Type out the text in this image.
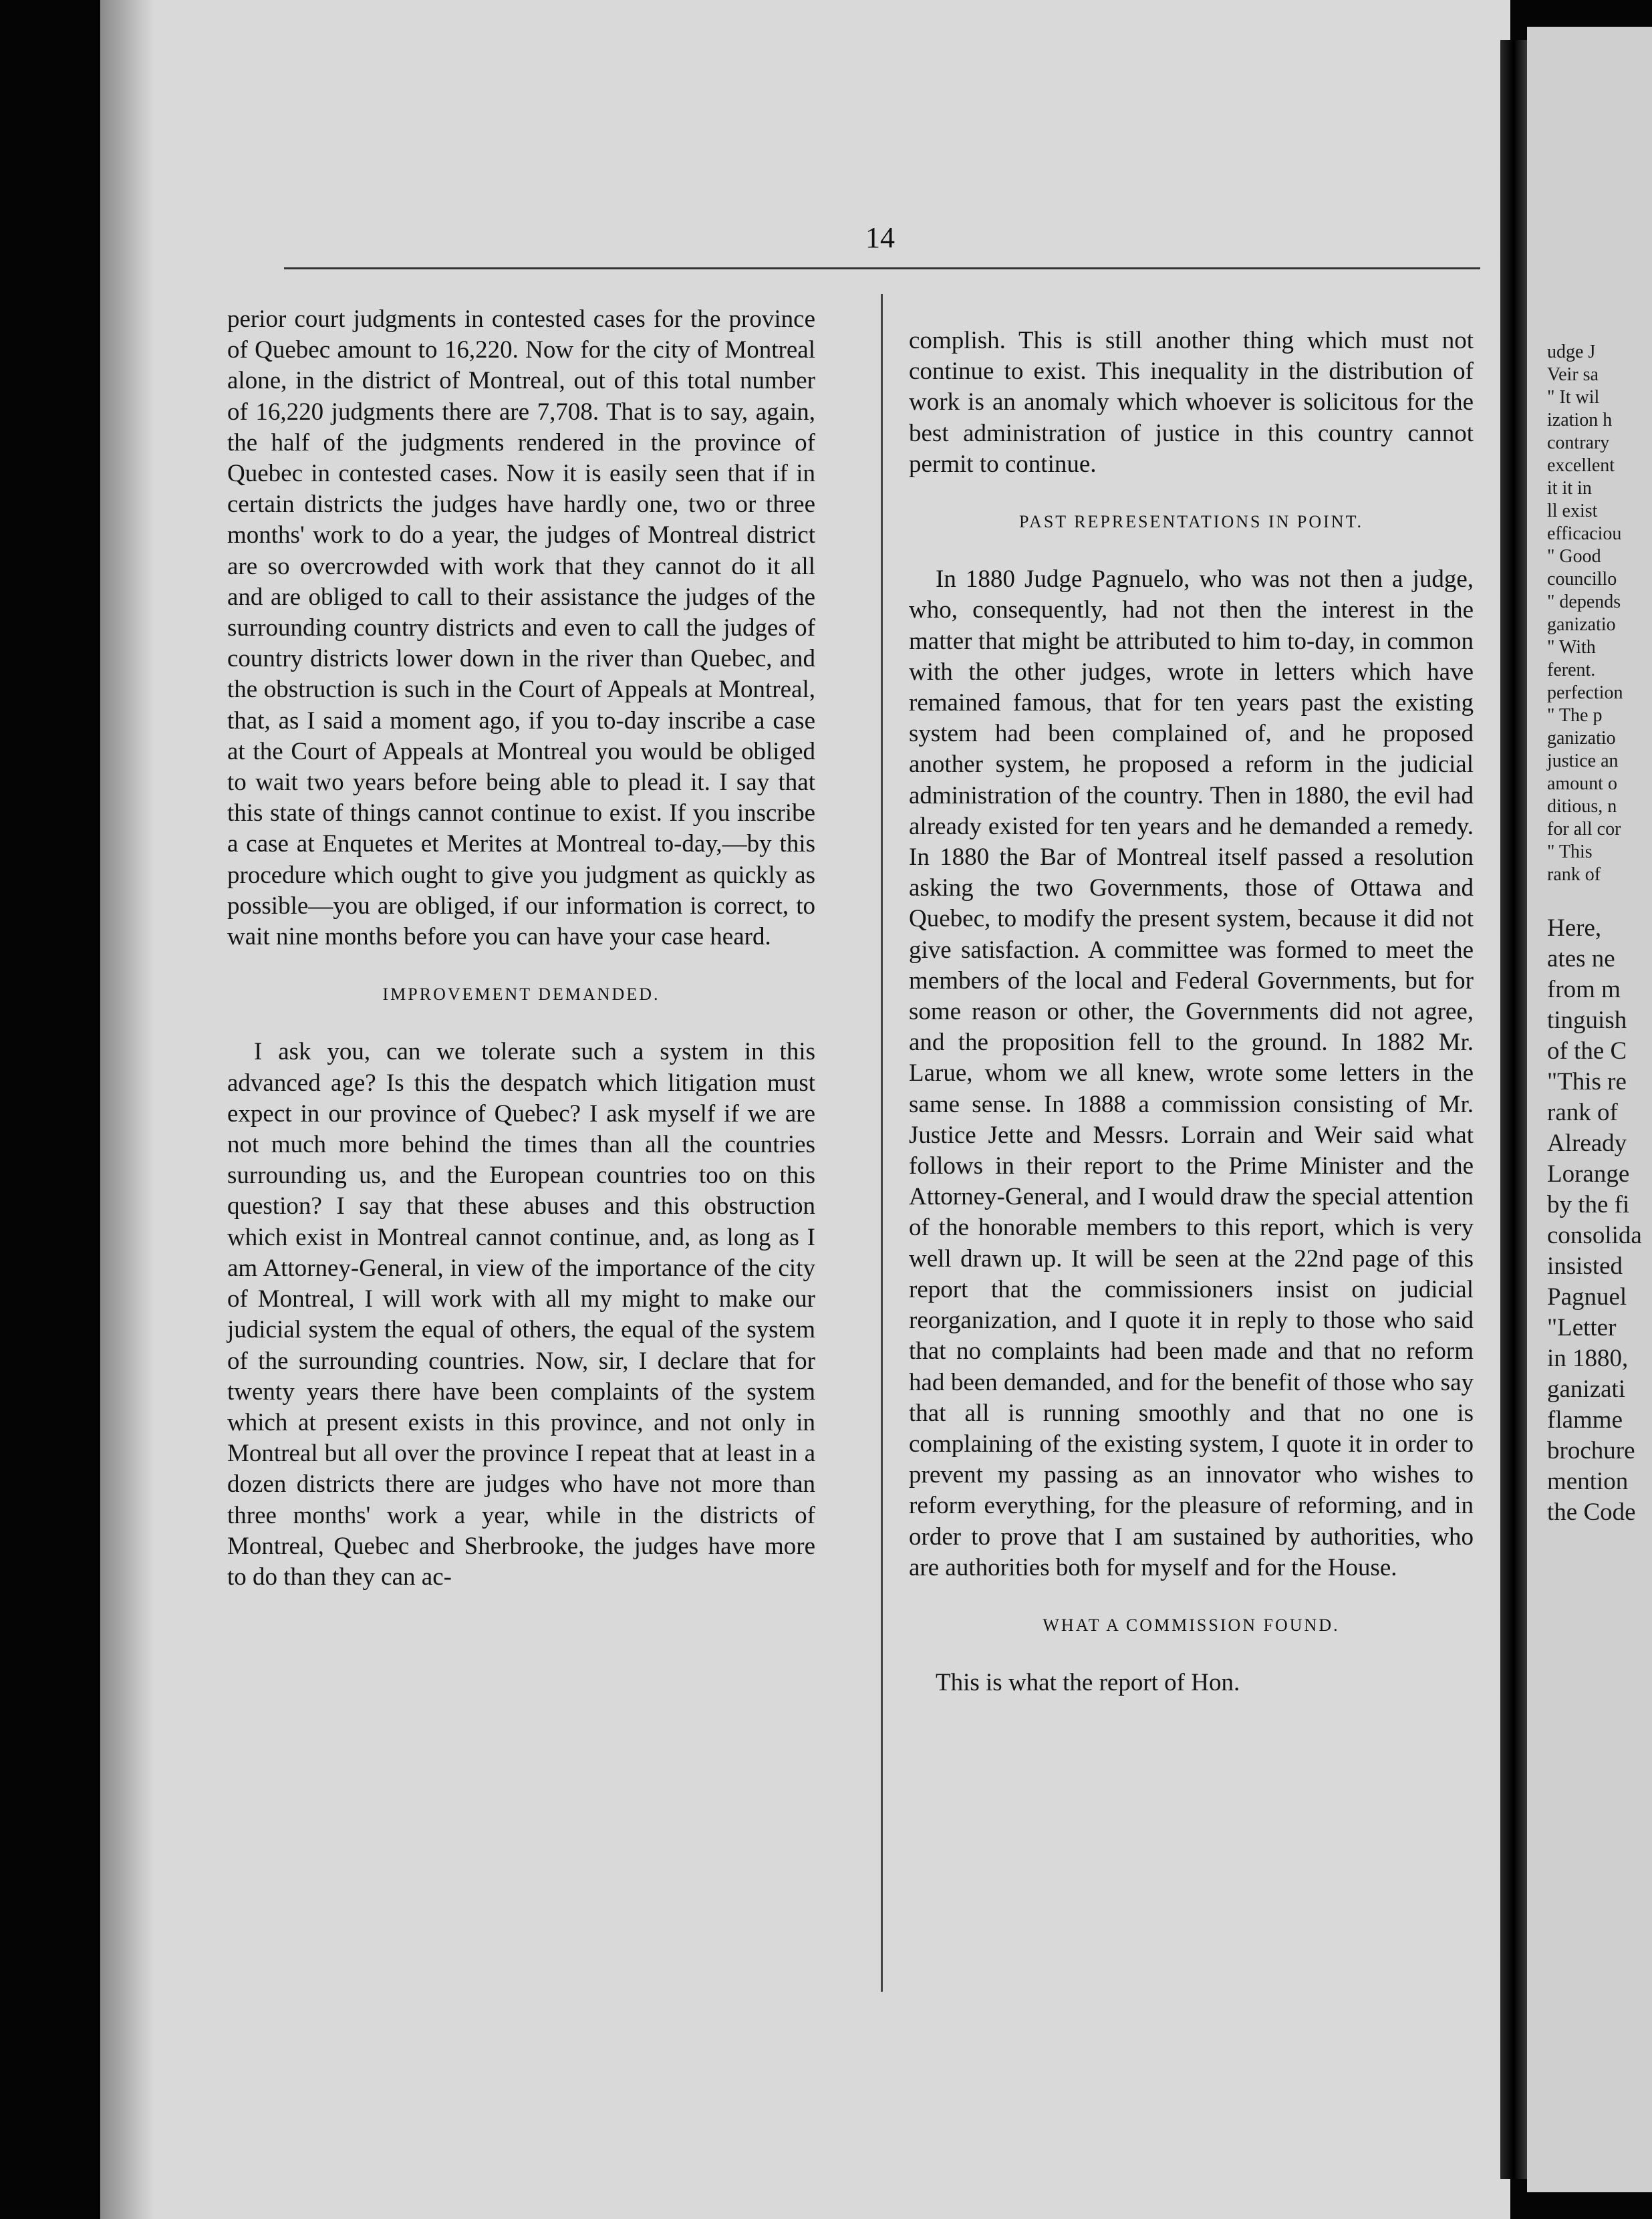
14

perior court judgments in contested cases for the province of Quebec amount to 16,220. Now for the city of Montreal alone, in the district of Montreal, out of this total number of 16,220 judgments there are 7,708. That is to say, again, the half of the judgments rendered in the province of Quebec in contested cases. Now it is easily seen that if in certain districts the judges have hardly one, two or three months' work to do a year, the judges of Montreal district are so overcrowded with work that they cannot do it all and are obliged to call to their assistance the judges of the surrounding country districts and even to call the judges of country districts lower down in the river than Quebec, and the obstruction is such in the Court of Appeals at Montreal, that, as I said a moment ago, if you to-day inscribe a case at the Court of Appeals at Montreal you would be obliged to wait two years before being able to plead it. I say that this state of things cannot continue to exist. If you inscribe a case at Enquetes et Merites at Montreal to-day,—by this procedure which ought to give you judgment as quickly as possible—you are obliged, if our information is correct, to wait nine months before you can have your case heard.

IMPROVEMENT DEMANDED.

I ask you, can we tolerate such a system in this advanced age? Is this the despatch which litigation must expect in our province of Quebec? I ask myself if we are not much more behind the times than all the countries surrounding us, and the European countries too on this question? I say that these abuses and this obstruction which exist in Montreal cannot continue, and, as long as I am Attorney-General, in view of the importance of the city of Montreal, I will work with all my might to make our judicial system the equal of others, the equal of the system of the surrounding countries. Now, sir, I declare that for twenty years there have been complaints of the system which at present exists in this province, and not only in Montreal but all over the province I repeat that at least in a dozen districts there are judges who have not more than three months' work a year, while in the districts of Montreal, Quebec and Sherbrooke, the judges have more to do than they can ac-

complish. This is still another thing which must not continue to exist. This inequality in the distribution of work is an anomaly which whoever is solicitous for the best administration of justice in this country cannot permit to continue.

PAST REPRESENTATIONS IN POINT.

In 1880 Judge Pagnuelo, who was not then a judge, who, consequently, had not then the interest in the matter that might be attributed to him to-day, in common with the other judges, wrote in letters which have remained famous, that for ten years past the existing system had been complained of, and he proposed another system, he proposed a reform in the judicial administration of the country. Then in 1880, the evil had already existed for ten years and he demanded a remedy. In 1880 the Bar of Montreal itself passed a resolution asking the two Governments, those of Ottawa and Quebec, to modify the present system, because it did not give satisfaction. A committee was formed to meet the members of the local and Federal Governments, but for some reason or other, the Governments did not agree, and the proposition fell to the ground. In 1882 Mr. Larue, whom we all knew, wrote some letters in the same sense. In 1888 a commission consisting of Mr. Justice Jette and Messrs. Lorrain and Weir said what follows in their report to the Prime Minister and the Attorney-General, and I would draw the special attention of the honorable members to this report, which is very well drawn up. It will be seen at the 22nd page of this report that the commissioners insist on judicial reorganization, and I quote it in reply to those who said that no complaints had been made and that no reform had been demanded, and for the benefit of those who say that all is running smoothly and that no one is complaining of the existing system, I quote it in order to prevent my passing as an innovator who wishes to reform everything, for the pleasure of reforming, and in order to prove that I am sustained by authorities, who are authorities both for myself and for the House.

WHAT A COMMISSION FOUND.

This is what the report of Hon.

udge J
Veir sa
" It wil
ization h
contrary
excellent
it it in
ll exist
efficaciou
" Good
councillo
" depends
ganizatio
" With
ferent.
perfection
" The p
ganizatio
justice an
amount o
ditious, n
for all cor
" This
rank of
Here,
ates ne
from m
tinguish
of the C
"This re
rank of
Already
Lorange
by the fi
consolida
insisted
Pagnuel
"Letter
in 1880,
ganizati
flamme
brochure
mention
the Code
